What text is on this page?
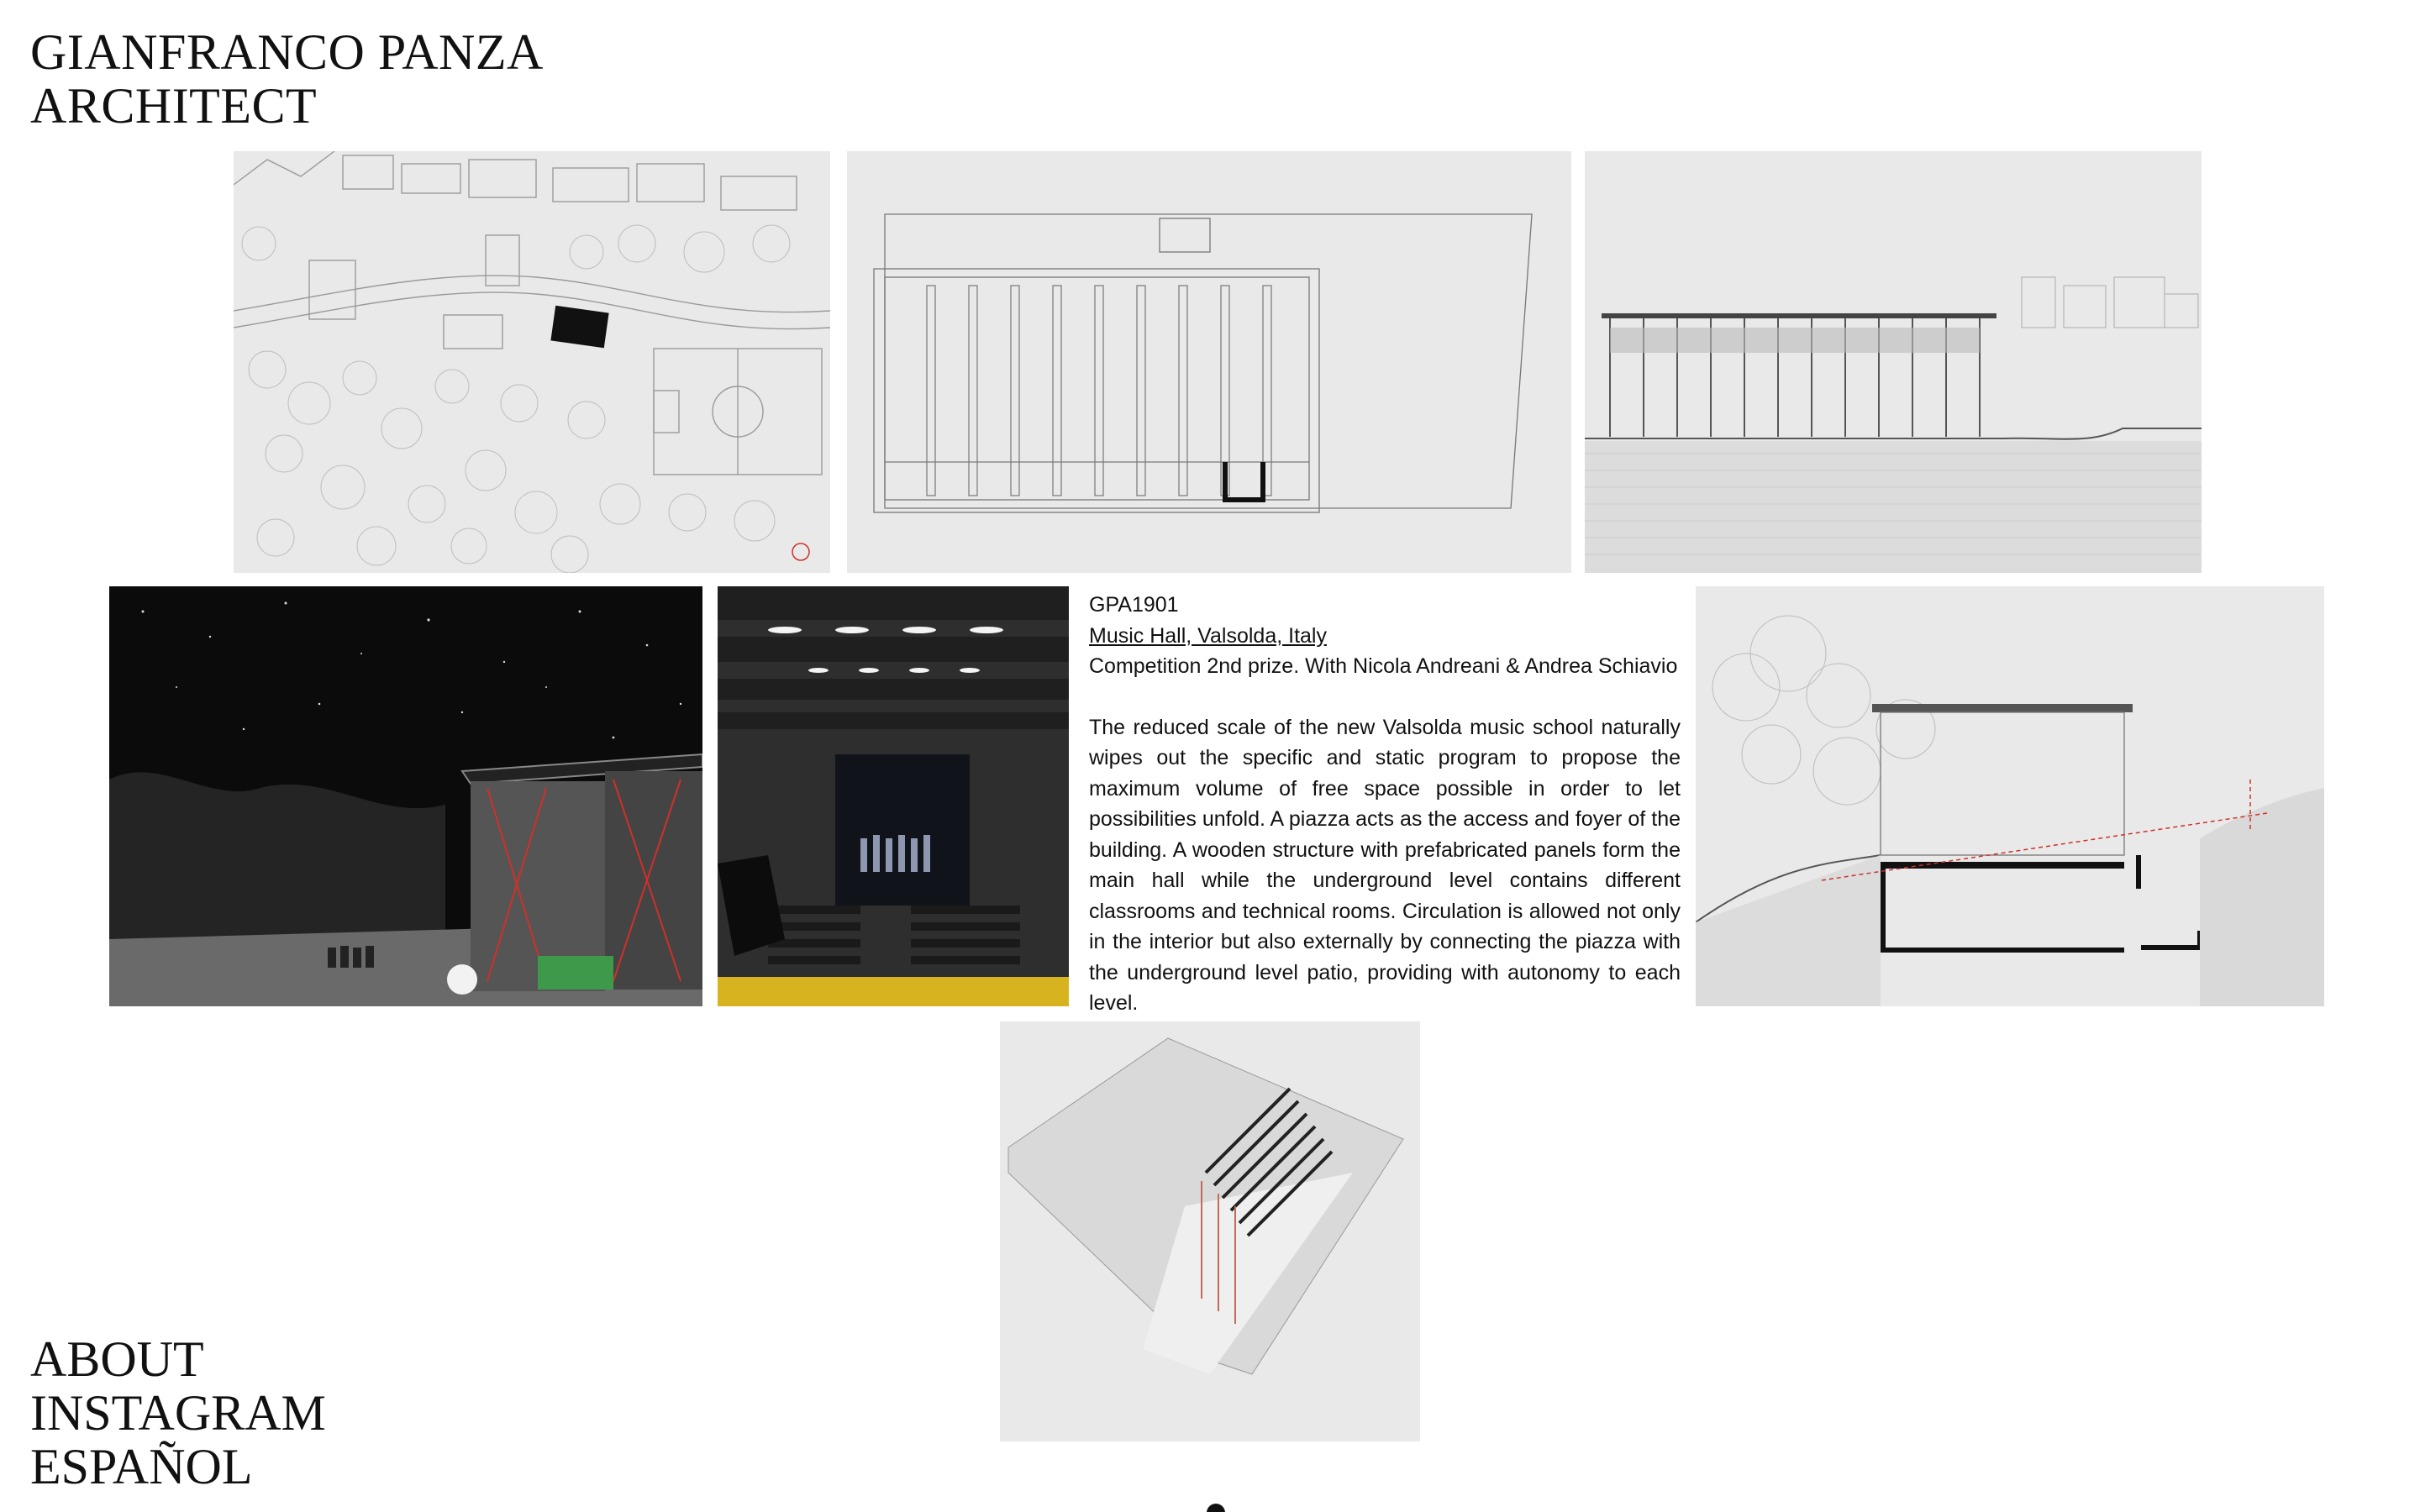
GIANFRANCO PANZA
ARCHITECT
GPA1901
Music Hall, Valsolda, Italy
Competition 2nd prize. With Nicola Andreani & Andrea Schiavio
The reduced scale of the new Valsolda music school naturally wipes out the specific and static program to propose the maximum volume of free space possible in order to let possibilities unfold. A piazza acts as the access and foyer of the building. A wooden structure with prefabricated panels form the main hall while the underground level contains different classrooms and technical rooms. Circulation is allowed not only in the interior but also externally by connecting the piazza with the underground level patio, providing with autonomy to each level.
ABOUT
INSTAGRAM
ESPAÑOL
